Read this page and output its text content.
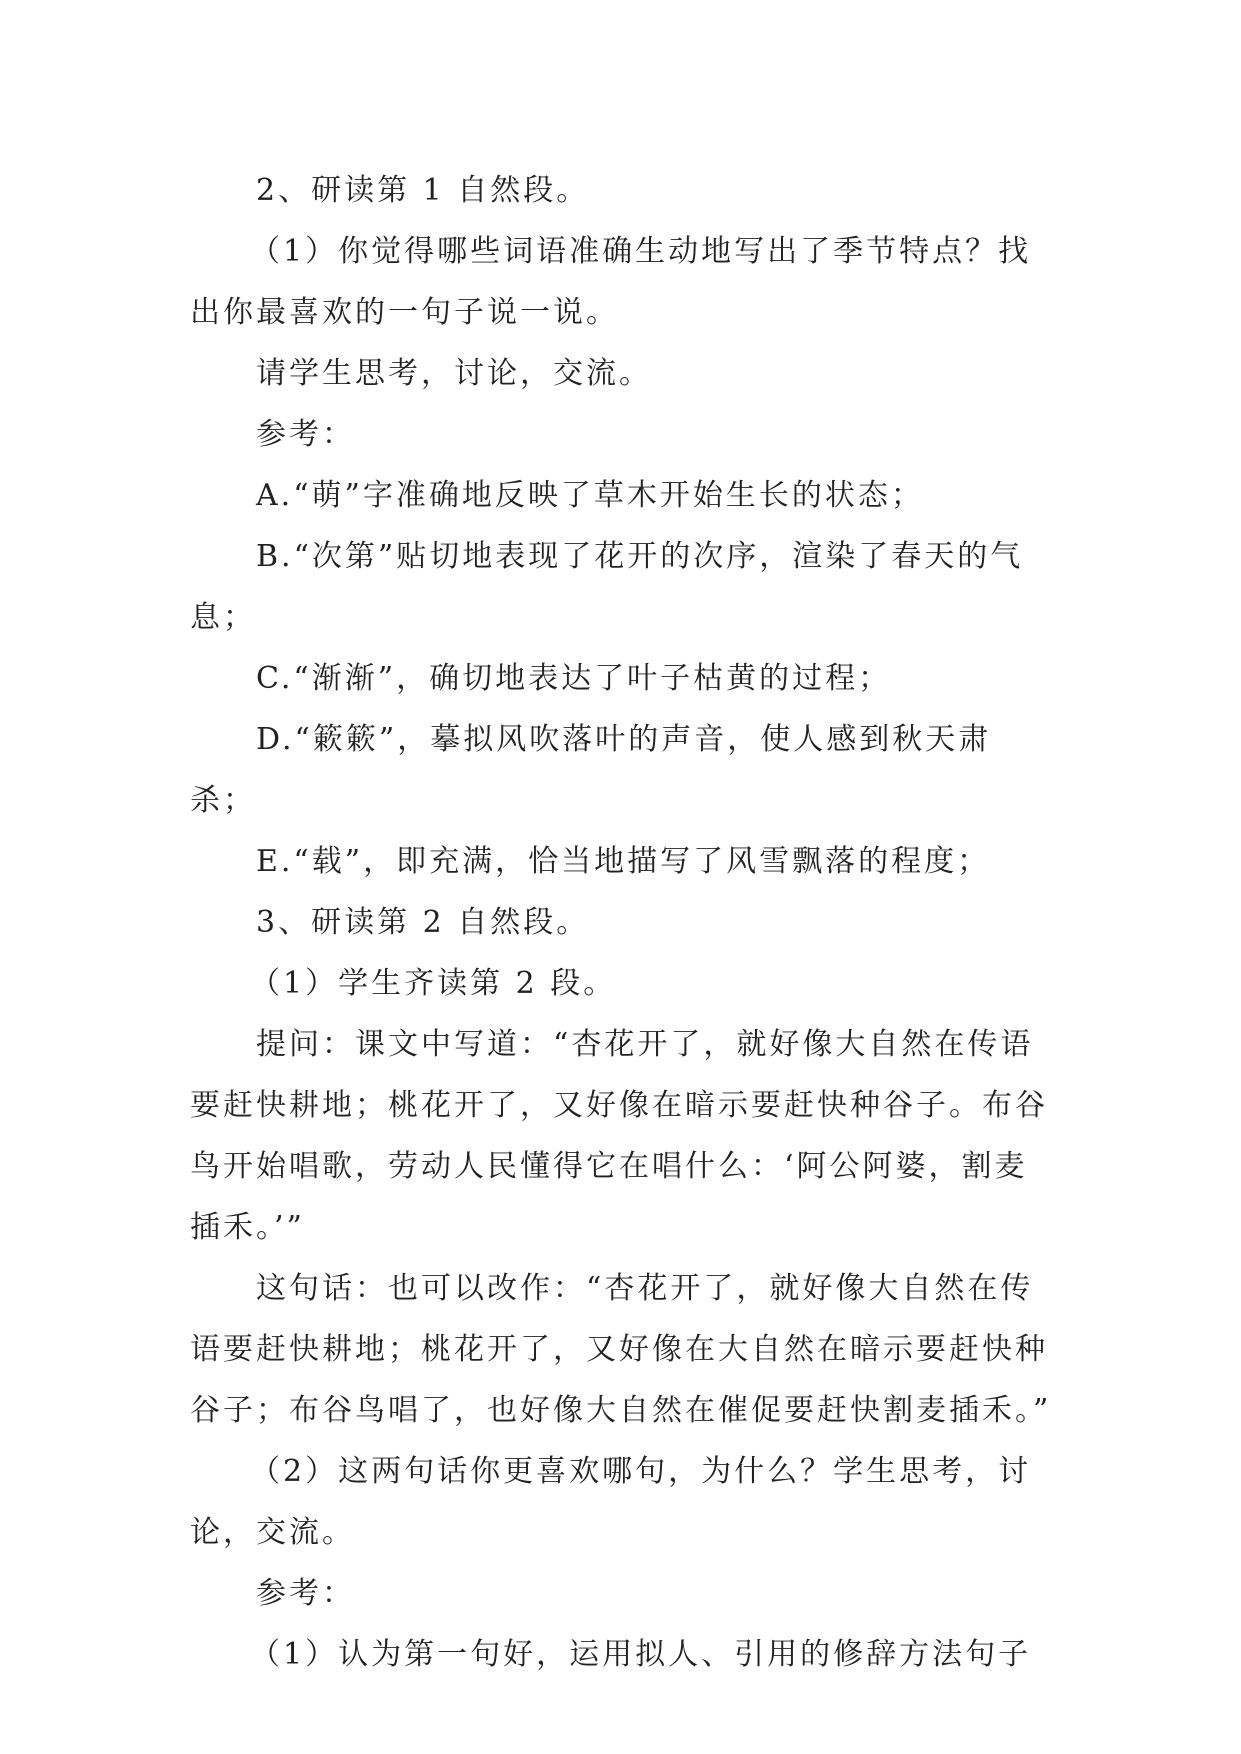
2、研读第 1 自然段。

（1）你觉得哪些词语准确生动地写出了季节特点？找出你最喜欢的一句子说一说。

请学生思考，讨论，交流。

参考：

A.“萌”字准确地反映了草木开始生长的状态；

B.“次第”贴切地表现了花开的次序，渲染了春天的气息；

C.“渐渐”，确切地表达了叶子枯黄的过程；

D.“簌簌”，摹拟风吹落叶的声音，使人感到秋天肃杀；

E.“载”，即充满，恰当地描写了风雪飘落的程度；

3、研读第 2 自然段。

（1）学生齐读第 2 段。

提问：课文中写道：“杏花开了，就好像大自然在传语要赶快耕地；桃花开了，又好像在暗示要赶快种谷子。布谷鸟开始唱歌，劳动人民懂得它在唱什么：‘阿公阿婆，割麦插禾。’”

这句话：也可以改作：“杏花开了，就好像大自然在传语要赶快耕地；桃花开了，又好像在大自然在暗示要赶快种谷子；布谷鸟唱了，也好像大自然在催促要赶快割麦插禾。”

（2）这两句话你更喜欢哪句，为什么？学生思考，讨论，交流。

参考：

（1）认为第一句好，运用拟人、引用的修辞方法句子
